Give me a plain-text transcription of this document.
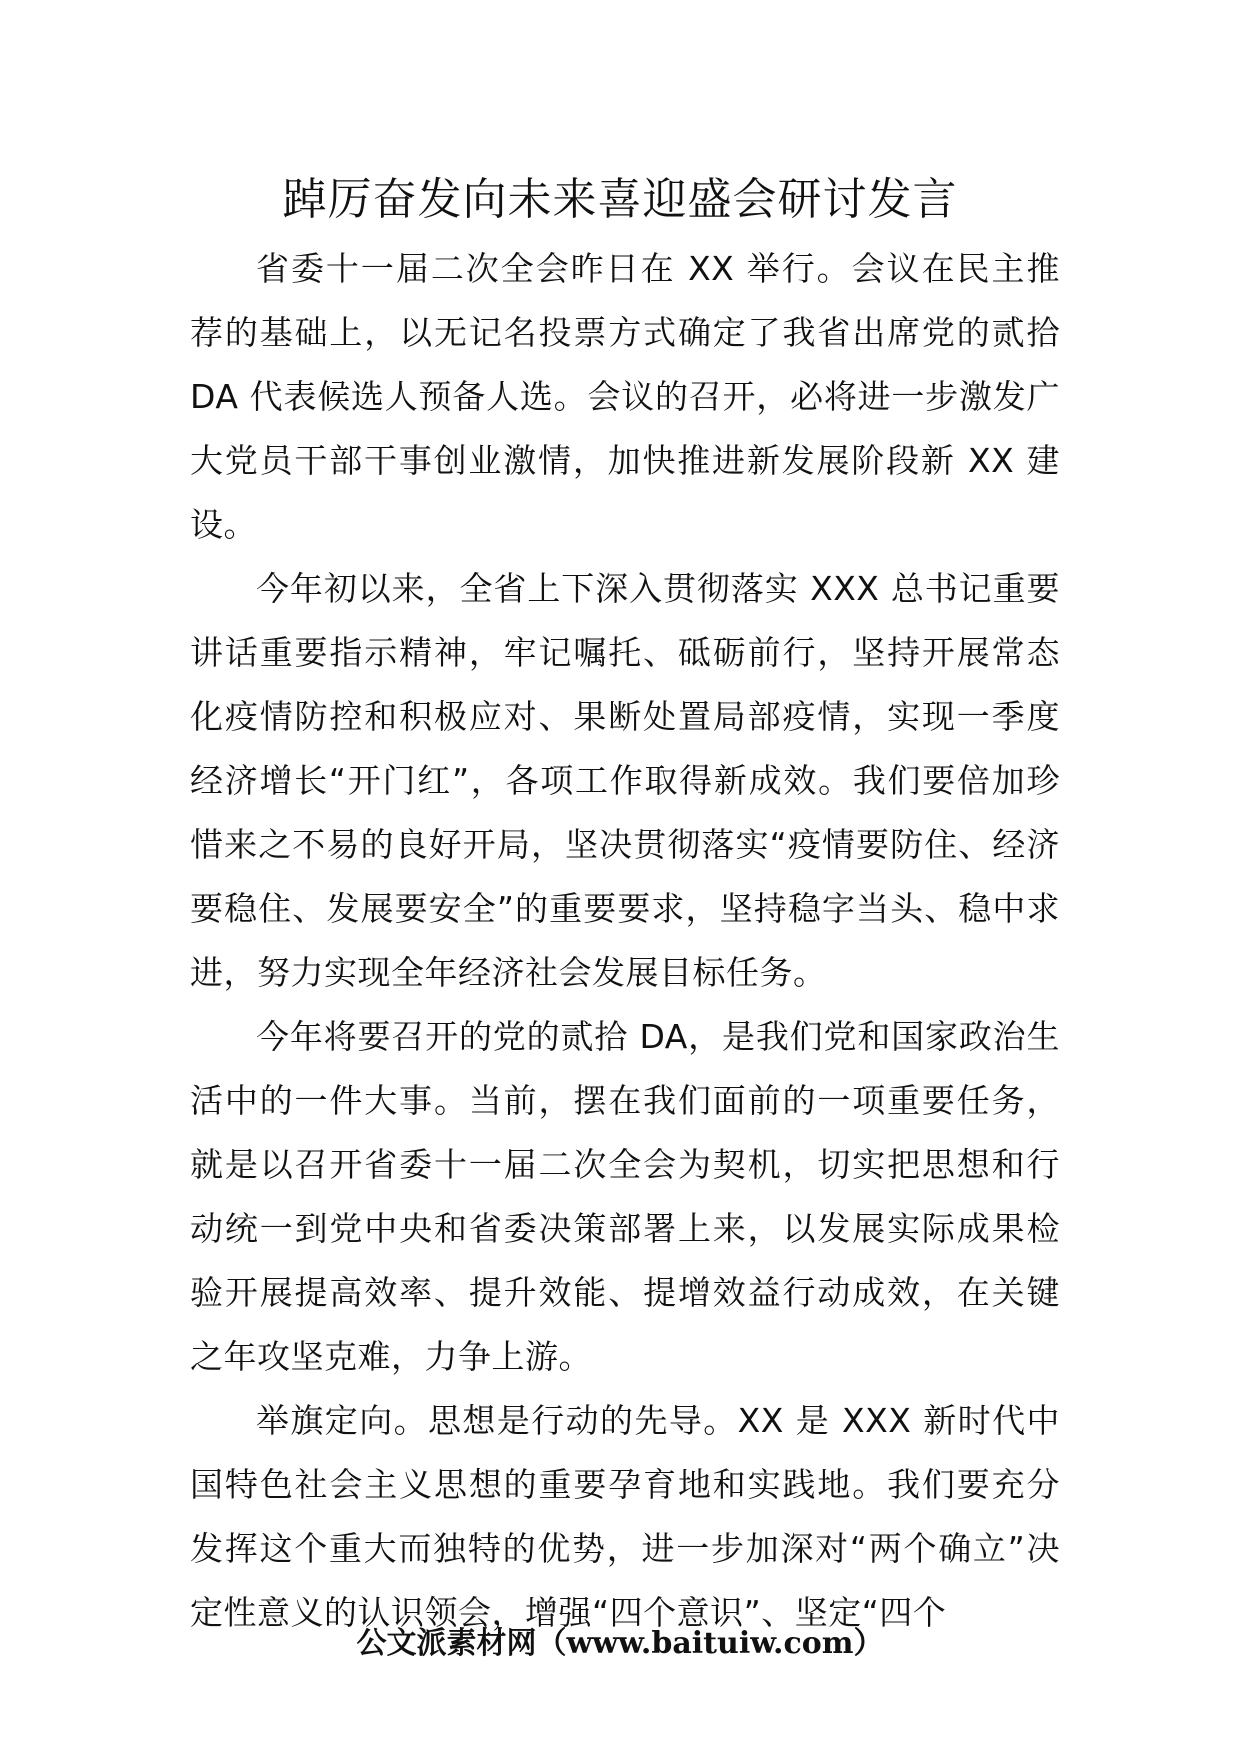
踔厉奋发向未来喜迎盛会研讨发言

省委十一届二次全会昨日在 XX 举行。会议在民主推荐的基础上，以无记名投票方式确定了我省出席党的贰拾 DA 代表候选人预备人选。会议的召开，必将进一步激发广大党员干部干事创业激情，加快推进新发展阶段新 XX 建设。

今年初以来，全省上下深入贯彻落实 XXX 总书记重要讲话重要指示精神，牢记嘱托、砥砺前行，坚持开展常态化疫情防控和积极应对、果断处置局部疫情，实现一季度经济增长“开门红”，各项工作取得新成效。我们要倍加珍惜来之不易的良好开局，坚决贯彻落实“疫情要防住、经济要稳住、发展要安全”的重要要求，坚持稳字当头、稳中求进，努力实现全年经济社会发展目标任务。

今年将要召开的党的贰拾 DA，是我们党和国家政治生活中的一件大事。当前，摆在我们面前的一项重要任务，就是以召开省委十一届二次全会为契机，切实把思想和行动统一到党中央和省委决策部署上来，以发展实际成果检验开展提高效率、提升效能、提增效益行动成效，在关键之年攻坚克难，力争上游。

举旗定向。思想是行动的先导。XX 是 XXX 新时代中国特色社会主义思想的重要孕育地和实践地。我们要充分发挥这个重大而独特的优势，进一步加深对“两个确立”决定性意义的认识领会，增强“四个意识”、坚定“四个

公文派素材网（www.baituiw.com）
